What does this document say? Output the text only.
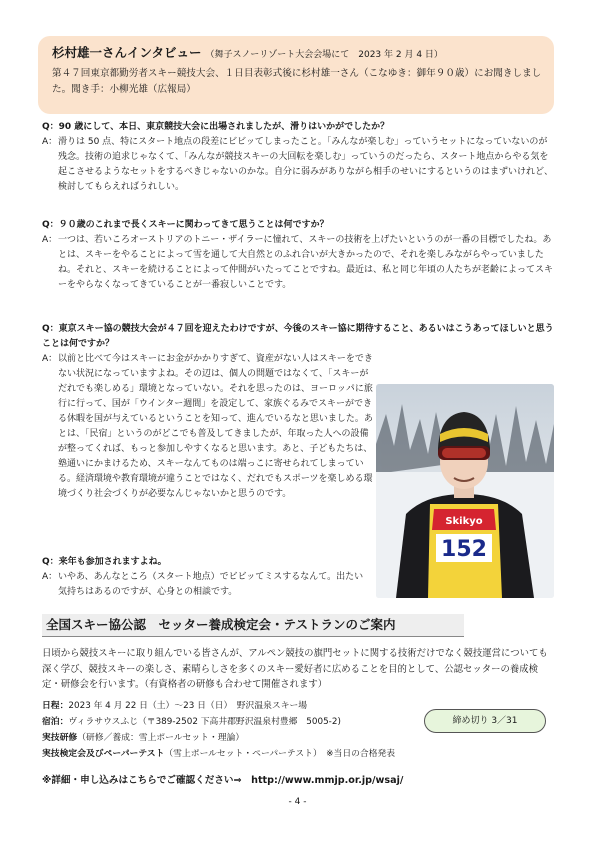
杉村雄一さんインタビュー （舞子スノーリゾート大会会場にて　2023 年 2 月 4 日）
第４７回東京都勤労者スキー競技大会、１日目表彰式後に杉村雄一さん（こなゆき：御年９０歳）にお聞きしました。聞き手：小柳光雄（広報局）

Q：90 歳にして、本日、東京競技大会に出場されましたが、滑りはいかがでしたか？

A： 滑りは 50 点、特にスタート地点の段差にビビッてしまったこと。「みんなが楽しむ」っていうセットになっていないのが残念。技術の追求じゃなくて、「みんなが競技スキーの大回転を楽しむ」っていうのだったら、スタート地点からやる気を起こさせるようなセットをするべきじゃないのかな。自分に弱みがありながら相手のせいにするというのはまずいけれど、検討してもらえればうれしい。

Q：９０歳のこれまで長くスキーに関わってきて思うことは何ですか？

A： 一つは、若いころオーストリアのトニー・ザイラーに憧れて、スキーの技術を上げたいというのが一番の目標でしたね。あとは、スキーをやることによって雪を通して大自然とのふれ合いが大きかったので、それを楽しみながらやっていましたね。それと、スキーを続けることによって仲間がいたってことですね。最近は、私と同じ年頃の人たちが老齢によってスキーをやらなくなってきていることが一番寂しいことです。

Q：東京スキー協の競技大会が４７回を迎えたわけですが、今後のスキー協に期待すること、あるいはこうあってほしいと思うことは何ですか？

A： 以前と比べて今はスキーにお金がかかりすぎて、資産がない人はスキーをできない状況になっていますよね。その辺は、個人の問題ではなくて、「スキーがだれでも楽しめる」環境となっていない。それを思ったのは、ヨーロッパに旅行に行って、国が「ウインター週間」を設定して、家族ぐるみでスキーができる休暇を国が与えているということを知って、進んでいるなと思いました。あとは、「民宿」というのがどこでも普及してきましたが、年取った人への設備が整ってくれば、もっと参加しやすくなると思います。あと、子どもたちは、塾通いにかまけるため、スキーなんてものは端っこに寄せられてしまっている。経済環境や教育環境が違うことではなく、だれでもスポーツを楽しめる環境づくり社会づくりが必要なんじゃないかと思うのです。

Skikyo
152

Q：来年も参加されますよね。

A： いやあ、あんなところ（スタート地点）でビビッてミスするなんて。出たい気持ちはあるのですが、心身との相談です。

全国スキー協公認　セッター養成検定会・テストランのご案内
日頃から競技スキーに取り組んでいる皆さんが、アルペン競技の旗門セットに関する技術だけでなく競技運営についても深く学び、競技スキーの楽しさ、素晴らしさを多くのスキー愛好者に広めることを目的として、公認セッターの養成検定・研修会を行います。（有資格者の研修も合わせて開催されます）
日程：2023 年 4 月 22 日（土）～23 日（日）　野沢温泉スキー場
宿泊：ヴィラサウスふじ（〒389-2502 下高井郡野沢温泉村豊郷　5005-2)
実技研修（研修／養成：雪上ポールセット・理論）
実技検定会及びペーパーテスト（雪上ポールセット・ペーパーテスト）　※当日の合格発表
締め切り 3／31
※詳細・申し込みはこちらでご確認ください⇒　http://www.mmjp.or.jp/wsaj/
- 4 -
